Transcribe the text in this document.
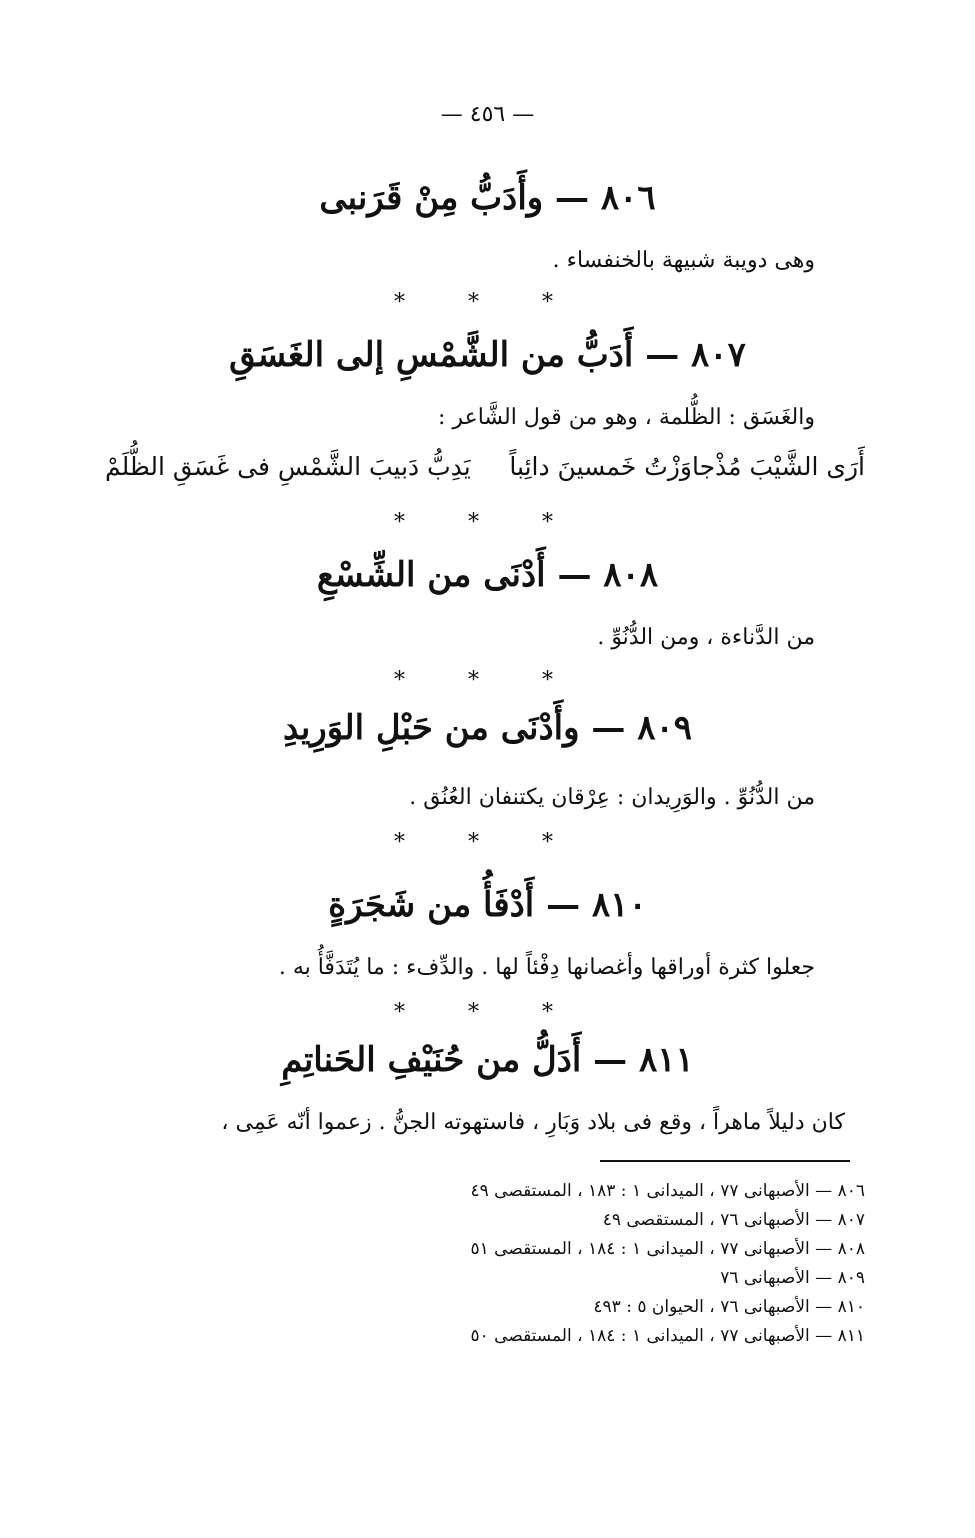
— ٤٥٦ —
٨٠٦ — وأَدَبُّ مِنْ قَرَنبى
وهى دويبة شبيهة بالخنفساء .
* * *
٨٠٧ — أَدَبُّ من الشَّمْسِ إلى الغَسَقِ
والغَسَق : الظُّلمة ، وهو من قول الشَّاعر :
أَرَى الشَّيْبَ مُذْجاوَزْتُ خَمسينَ دائِباً
يَدِبُّ دَبيبَ الشَّمْسِ فى غَسَقِ الظُّلَمْ
* * *
٨٠٨ — أَدْنَى من الشِّسْعِ
من الدَّناءة ، ومن الدُّنُوِّ .
* * *
٨٠٩ — وأَدْنَى من حَبْلِ الوَرِيدِ
من الدُّنُوِّ . والوَرِيدان : عِرْقان يكتنفان العُنُق .
* * *
٨١٠ — أَدْفَأُ من شَجَرَةٍ
جعلوا كثرة أوراقها وأغصانها دِفْئاً لها . والدِّفء : ما يُتَدَفَّأُ به .
* * *
٨١١ — أَدَلُّ من حُنَيْفِ الحَناتِمِ
كان دليلاً ماهراً ، وقع فى بلاد وَبَارِ ، فاستهوته الجنُّ . زعموا أنّه عَمِى ،
٨٠٦ — الأصبهانى ٧٧ ، الميدانى ١ : ١٨٣ ، المستقصى ٤٩
٨٠٧ — الأصبهانى ٧٦ ، المستقصى ٤٩
٨٠٨ — الأصبهانى ٧٧ ، الميدانى ١ : ١٨٤ ، المستقصى ٥١
٨٠٩ — الأصبهانى ٧٦
٨١٠ — الأصبهانى ٧٦ ، الحيوان ٥ : ٤٩٣
٨١١ — الأصبهانى ٧٧ ، الميدانى ١ : ١٨٤ ، المستقصى ٥٠
